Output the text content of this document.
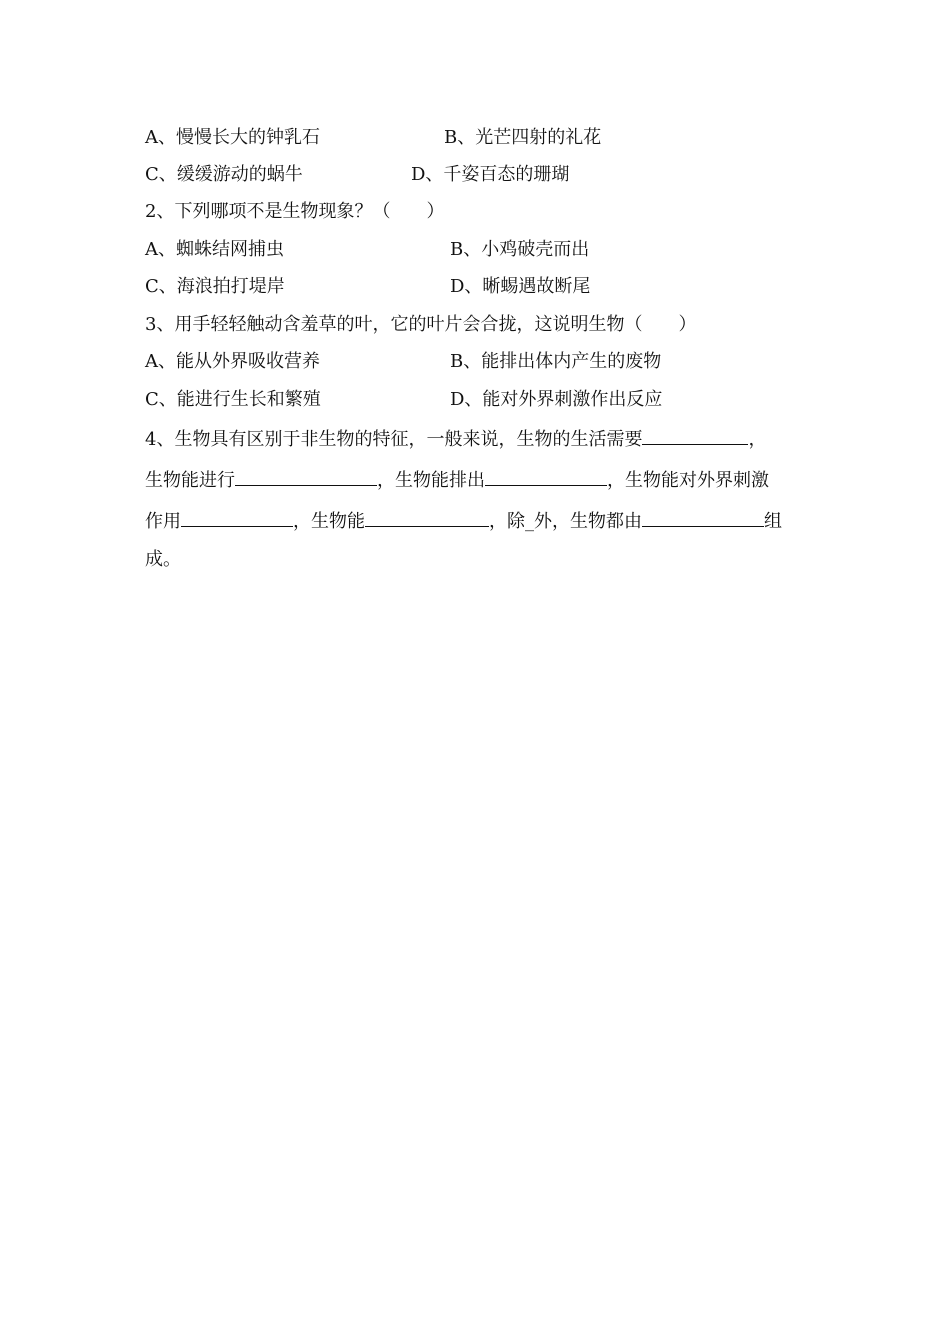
A、慢慢长大的钟乳石	B、光芒四射的礼花
C、缓缓游动的蜗牛	D、千姿百态的珊瑚
2、下列哪项不是生物现象？（　　）
A、蜘蛛结网捕虫	B、小鸡破壳而出
C、海浪拍打堤岸	D、晰蜴遇故断尾
3、用手轻轻触动含羞草的叶，它的叶片会合拢，这说明生物（　　）
A、能从外界吸收营养	B、能排出体内产生的废物
C、能进行生长和繁殖	D、能对外界刺激作出反应
4、生物具有区别于非生物的特征，一般来说，生物的生活需要	，
生物能进行	，生物能排出	，生物能对外界刺激
作用	，生物能	，除_外，生物都由	组
成。
